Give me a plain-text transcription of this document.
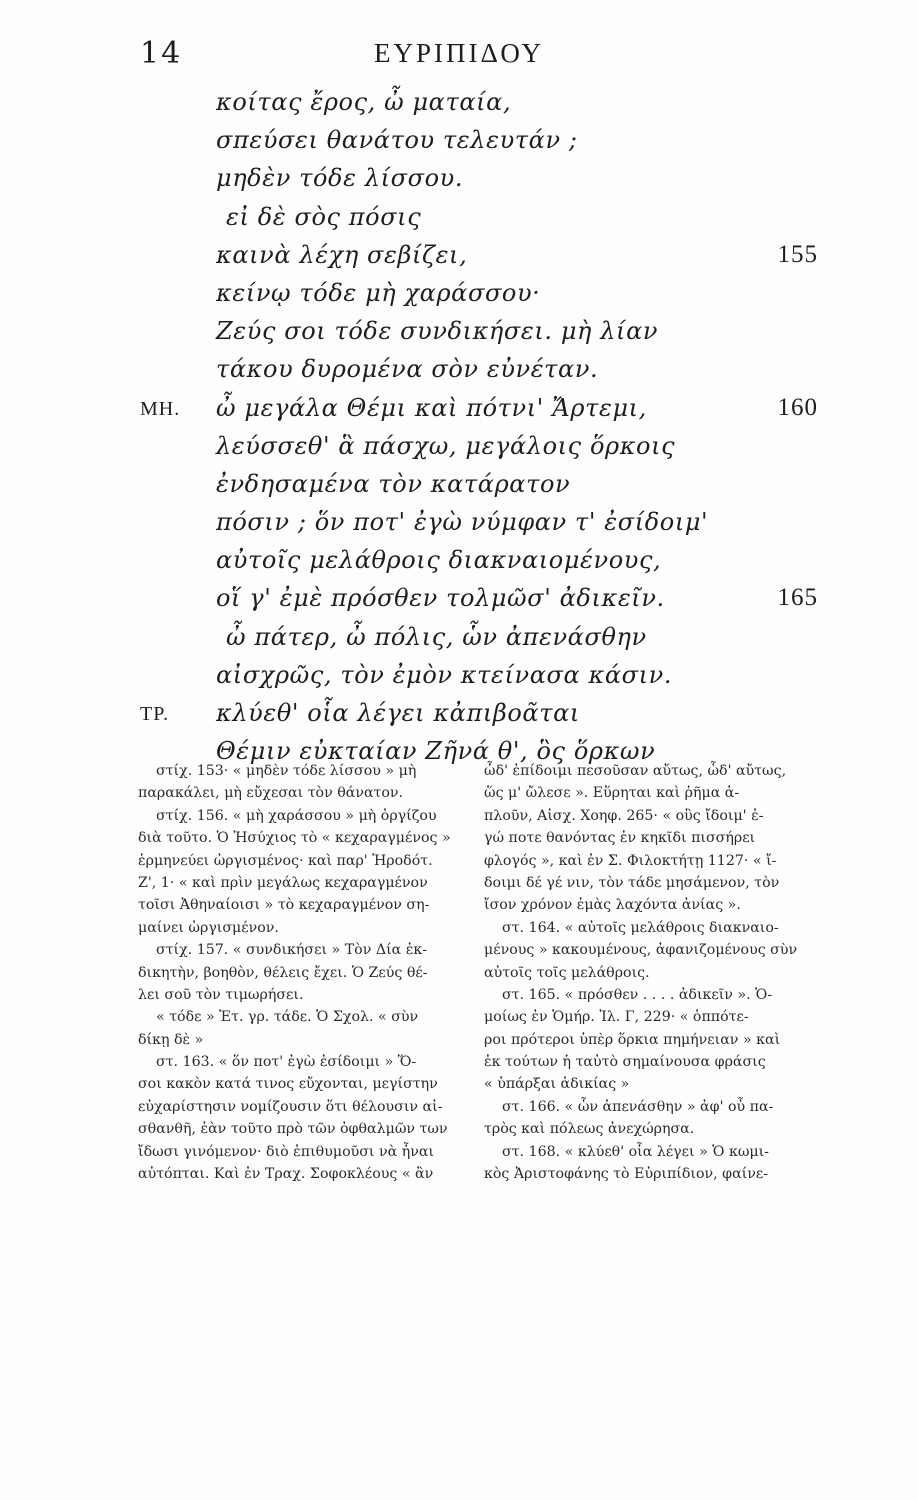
14	ΕΥΡΙΠΙΔΟΥ
κοίτας ἔρος, ὦ ματαία,
σπεύσει θανάτου τελευτάν ;
μηδὲν τόδε λίσσου.
εἰ δὲ σὸς πόσις
καινὰ λέχη σεβίζει,	155
κείνῳ τόδε μὴ χαράσσου·
Ζεύς σοι τόδε συνδικήσει. μὴ λίαν
τάκου δυρομένα σὸν εὐνέταν.
ΜΗ. ὦ μεγάλα Θέμι καὶ πότνι' Ἄρτεμι,	160
λεύσσεθ' ἃ πάσχω, μεγάλοις ὅρκοις
ἐνδησαμένα τὸν κατάρατον
πόσιν ; ὅν ποτ' ἐγὼ νύμφαν τ' ἐσίδοιμ'
αὐτοῖς μελάθροις διακναιομένους,
οἵ γ' ἐμὲ πρόσθεν τολμῶσ' ἀδικεῖν.	165
ὦ πάτερ, ὦ πόλις, ὧν ἀπενάσθην
αἰσχρῶς, τὸν ἐμὸν κτείνασα κάσιν.
ΤΡ. κλύεθ' οἷα λέγει κἀπιβοᾶται
Θέμιν εὐκταίαν Ζῆνά θ', ὃς ὅρκων
στίχ. 153· « μηδὲν τόδε λίσσου » μὴ
παρακάλει, μὴ εὔχεσαι τὸν θάνατον.
στίχ. 156. « μὴ χαράσσου » μὴ ὀργίζου
διὰ τοῦτο. Ὁ Ἡσύχιος τὸ « κεχαραγμένος »
ἑρμηνεύει ὠργισμένος· καὶ παρ' Ἡροδότ.
Ζ', 1· « καὶ πρὶν μεγάλως κεχαραγμένον
τοῖσι Ἀθηναίοισι » τὸ κεχαραγμένον ση-
μαίνει ὠργισμένον.
στίχ. 157. « συνδικήσει » Τὸν Δία ἐκ-
δικητὴν, βοηθὸν, θέλεις ἔχει. Ὁ Ζεύς θέ-
λει σοῦ τὸν τιμωρήσει.
« τόδε » Ἑτ. γρ. τάδε. Ὁ Σχολ. « σὺν
δίκῃ δὲ »
στ. 163. « ὅν ποτ' ἐγὼ ἐσίδοιμι » Ὅ-
σοι κακὸν κατά τινος εὔχονται, μεγίστην
εὐχαρίστησιν νομίζουσιν ὅτι θέλουσιν αἰ-
σθανθῆ, ἐὰν τοῦτο πρὸ τῶν ὀφθαλμῶν των
ἴδωσι γινόμενον· διὸ ἐπιθυμοῦσι νὰ ἦναι
αὐτόπται. Καὶ ἐν Τραχ. Σοφοκλέους « ἂν
ὧδ' ἐπίδοιμι πεσοῦσαν αὔτως, ὧδ' αὔτως,
ὥς μ' ὤλεσε ». Εὕρηται καὶ ῥῆμα ἁ-
πλοῦν, Αἰσχ. Χοηφ. 265· « οὓς ἴδοιμ' ἐ-
γώ ποτε θανόντας ἐν κηκῖδι πισσήρει
φλογός », καὶ ἐν Σ. Φιλοκτήτῃ 1127· « ἴ-
δοιμι δέ γέ νιν, τὸν τάδε μησάμενον, τὸν
ἴσον χρόνον ἐμὰς λαχόντα ἀνίας ».
στ. 164. « αὐτοῖς μελάθροις διακναιο-
μένους » κακουμένους, ἀφανιζομένους σὺν
αὐτοῖς τοῖς μελάθροις.
στ. 165. « πρόσθεν . . . . ἀδικεῖν ». Ὁ-
μοίως ἐν Ὁμήρ. Ἰλ. Γ, 229· « ὁππότε-
ροι πρότεροι ὑπὲρ ὅρκια πημήνειαν » καὶ
ἐκ τούτων ἡ ταὐτὸ σημαίνουσα φράσις
« ὑπάρξαι ἀδικίας »
στ. 166. « ὧν ἀπενάσθην » ἀφ' οὗ πα-
τρὸς καὶ πόλεως ἀνεχώρησα.
στ. 168. « κλύεθ' οἷα λέγει » Ὁ κωμι-
κὸς Ἀριστοφάνης τὸ Εὐριπίδιον, φαίνε-
